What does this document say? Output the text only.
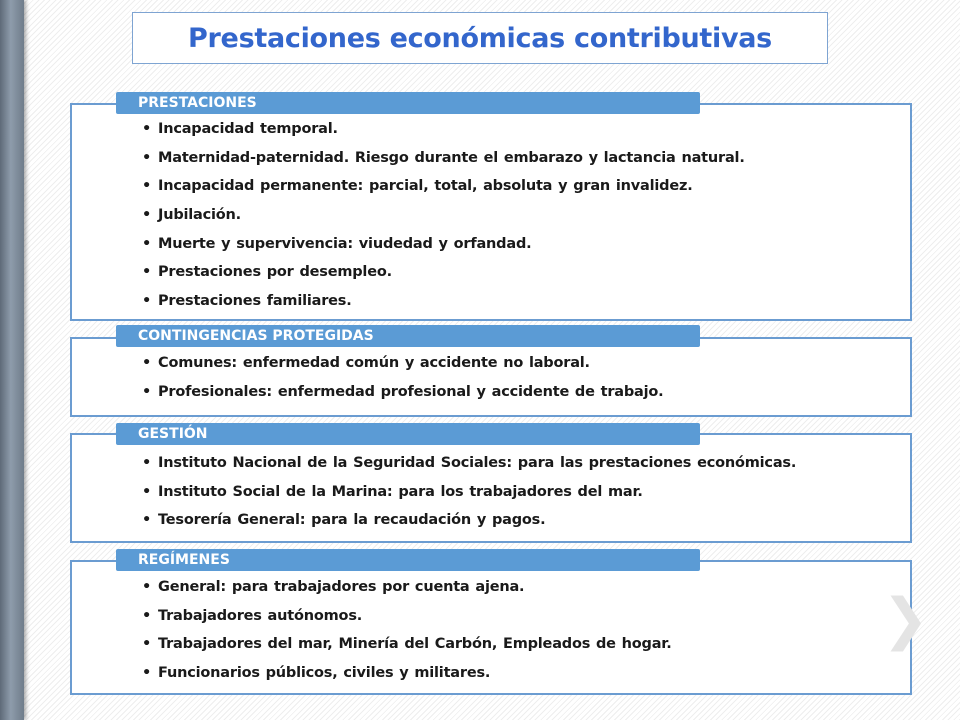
Prestaciones económicas contributivas
• Incapacidad temporal.
• Maternidad-paternidad. Riesgo durante el embarazo y lactancia natural.
• Incapacidad permanente: parcial, total, absoluta y gran invalidez.
• Jubilación.
• Muerte y supervivencia: viudedad y orfandad.
• Prestaciones por desempleo.
• Prestaciones familiares.
PRESTACIONES
• Comunes: enfermedad común y accidente no laboral.
• Profesionales: enfermedad profesional y accidente de trabajo.
CONTINGENCIAS PROTEGIDAS
• Instituto Nacional de la Seguridad Sociales: para las prestaciones económicas.
• Instituto Social de la Marina: para los trabajadores del mar.
• Tesorería General: para la recaudación y pagos.
GESTIÓN
• General: para trabajadores por cuenta ajena.
• Trabajadores autónomos.
• Trabajadores del mar, Minería del Carbón, Empleados de hogar.
• Funcionarios públicos, civiles y militares.
REGÍMENES
❯
